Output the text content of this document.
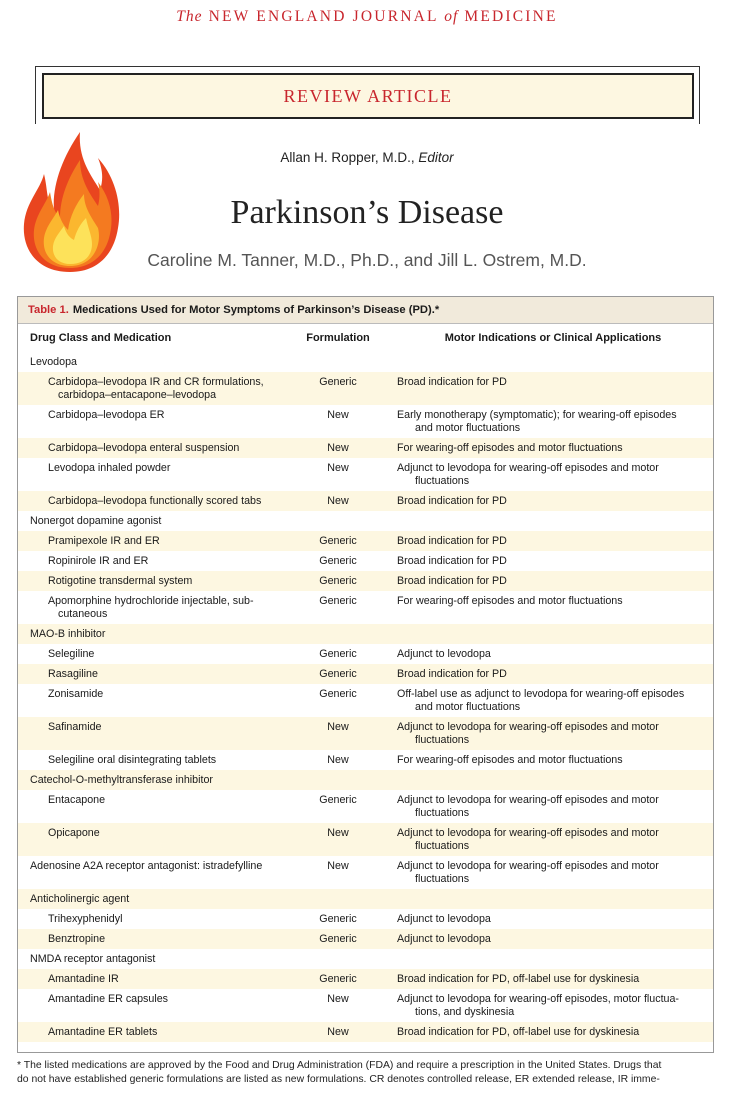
The NEW ENGLAND JOURNAL of MEDICINE
REVIEW ARTICLE
Allan H. Ropper, M.D., Editor
Parkinson’s Disease
Caroline M. Tanner, M.D., Ph.D., and Jill L. Ostrem, M.D.
Table 1. Medications Used for Motor Symptoms of Parkinson’s Disease (PD).*
Drug Class and Medication	Formulation	Motor Indications or Clinical Applications
Levodopa
Carbidopa–levodopa IR and CR formulations,
carbidopa–entacapone–levodopa
Generic	Broad indication for PD
Carbidopa–levodopa ER	New	Early monotherapy (symptomatic); for wearing-off episodes
and motor fluctuations
Carbidopa–levodopa enteral suspension	New	For wearing-off episodes and motor fluctuations
Levodopa inhaled powder	New	Adjunct to levodopa for wearing-off episodes and motor
fluctuations
Carbidopa–levodopa functionally scored tabs	New	Broad indication for PD
Nonergot dopamine agonist
Pramipexole IR and ER	Generic	Broad indication for PD
Ropinirole IR and ER	Generic	Broad indication for PD
Rotigotine transdermal system	Generic	Broad indication for PD
Apomorphine hydrochloride injectable, sub-
cutaneous
Generic	For wearing-off episodes and motor fluctuations
MAO-B inhibitor
Selegiline	Generic	Adjunct to levodopa
Rasagiline	Generic	Broad indication for PD
Zonisamide	Generic	Off-label use as adjunct to levodopa for wearing-off episodes
and motor fluctuations
Safinamide	New	Adjunct to levodopa for wearing-off episodes and motor
fluctuations
Selegiline oral disintegrating tablets	New	For wearing-off episodes and motor fluctuations
Catechol-O-methyltransferase inhibitor
Entacapone	Generic	Adjunct to levodopa for wearing-off episodes and motor
fluctuations
Opicapone	New	Adjunct to levodopa for wearing-off episodes and motor
fluctuations
Adenosine A2A receptor antagonist: istradefylline	New	Adjunct to levodopa for wearing-off episodes and motor
fluctuations
Anticholinergic agent
Trihexyphenidyl	Generic	Adjunct to levodopa
Benztropine	Generic	Adjunct to levodopa
NMDA receptor antagonist
Amantadine IR	Generic	Broad indication for PD, off-label use for dyskinesia
Amantadine ER capsules	New	Adjunct to levodopa for wearing-off episodes, motor fluctua-
tions, and dyskinesia
Amantadine ER tablets	New	Broad indication for PD, off-label use for dyskinesia
* The listed medications are approved by the Food and Drug Administration (FDA) and require a prescription in the United States. Drugs that
do not have established generic formulations are listed as new formulations. CR denotes controlled release, ER extended release, IR imme-
